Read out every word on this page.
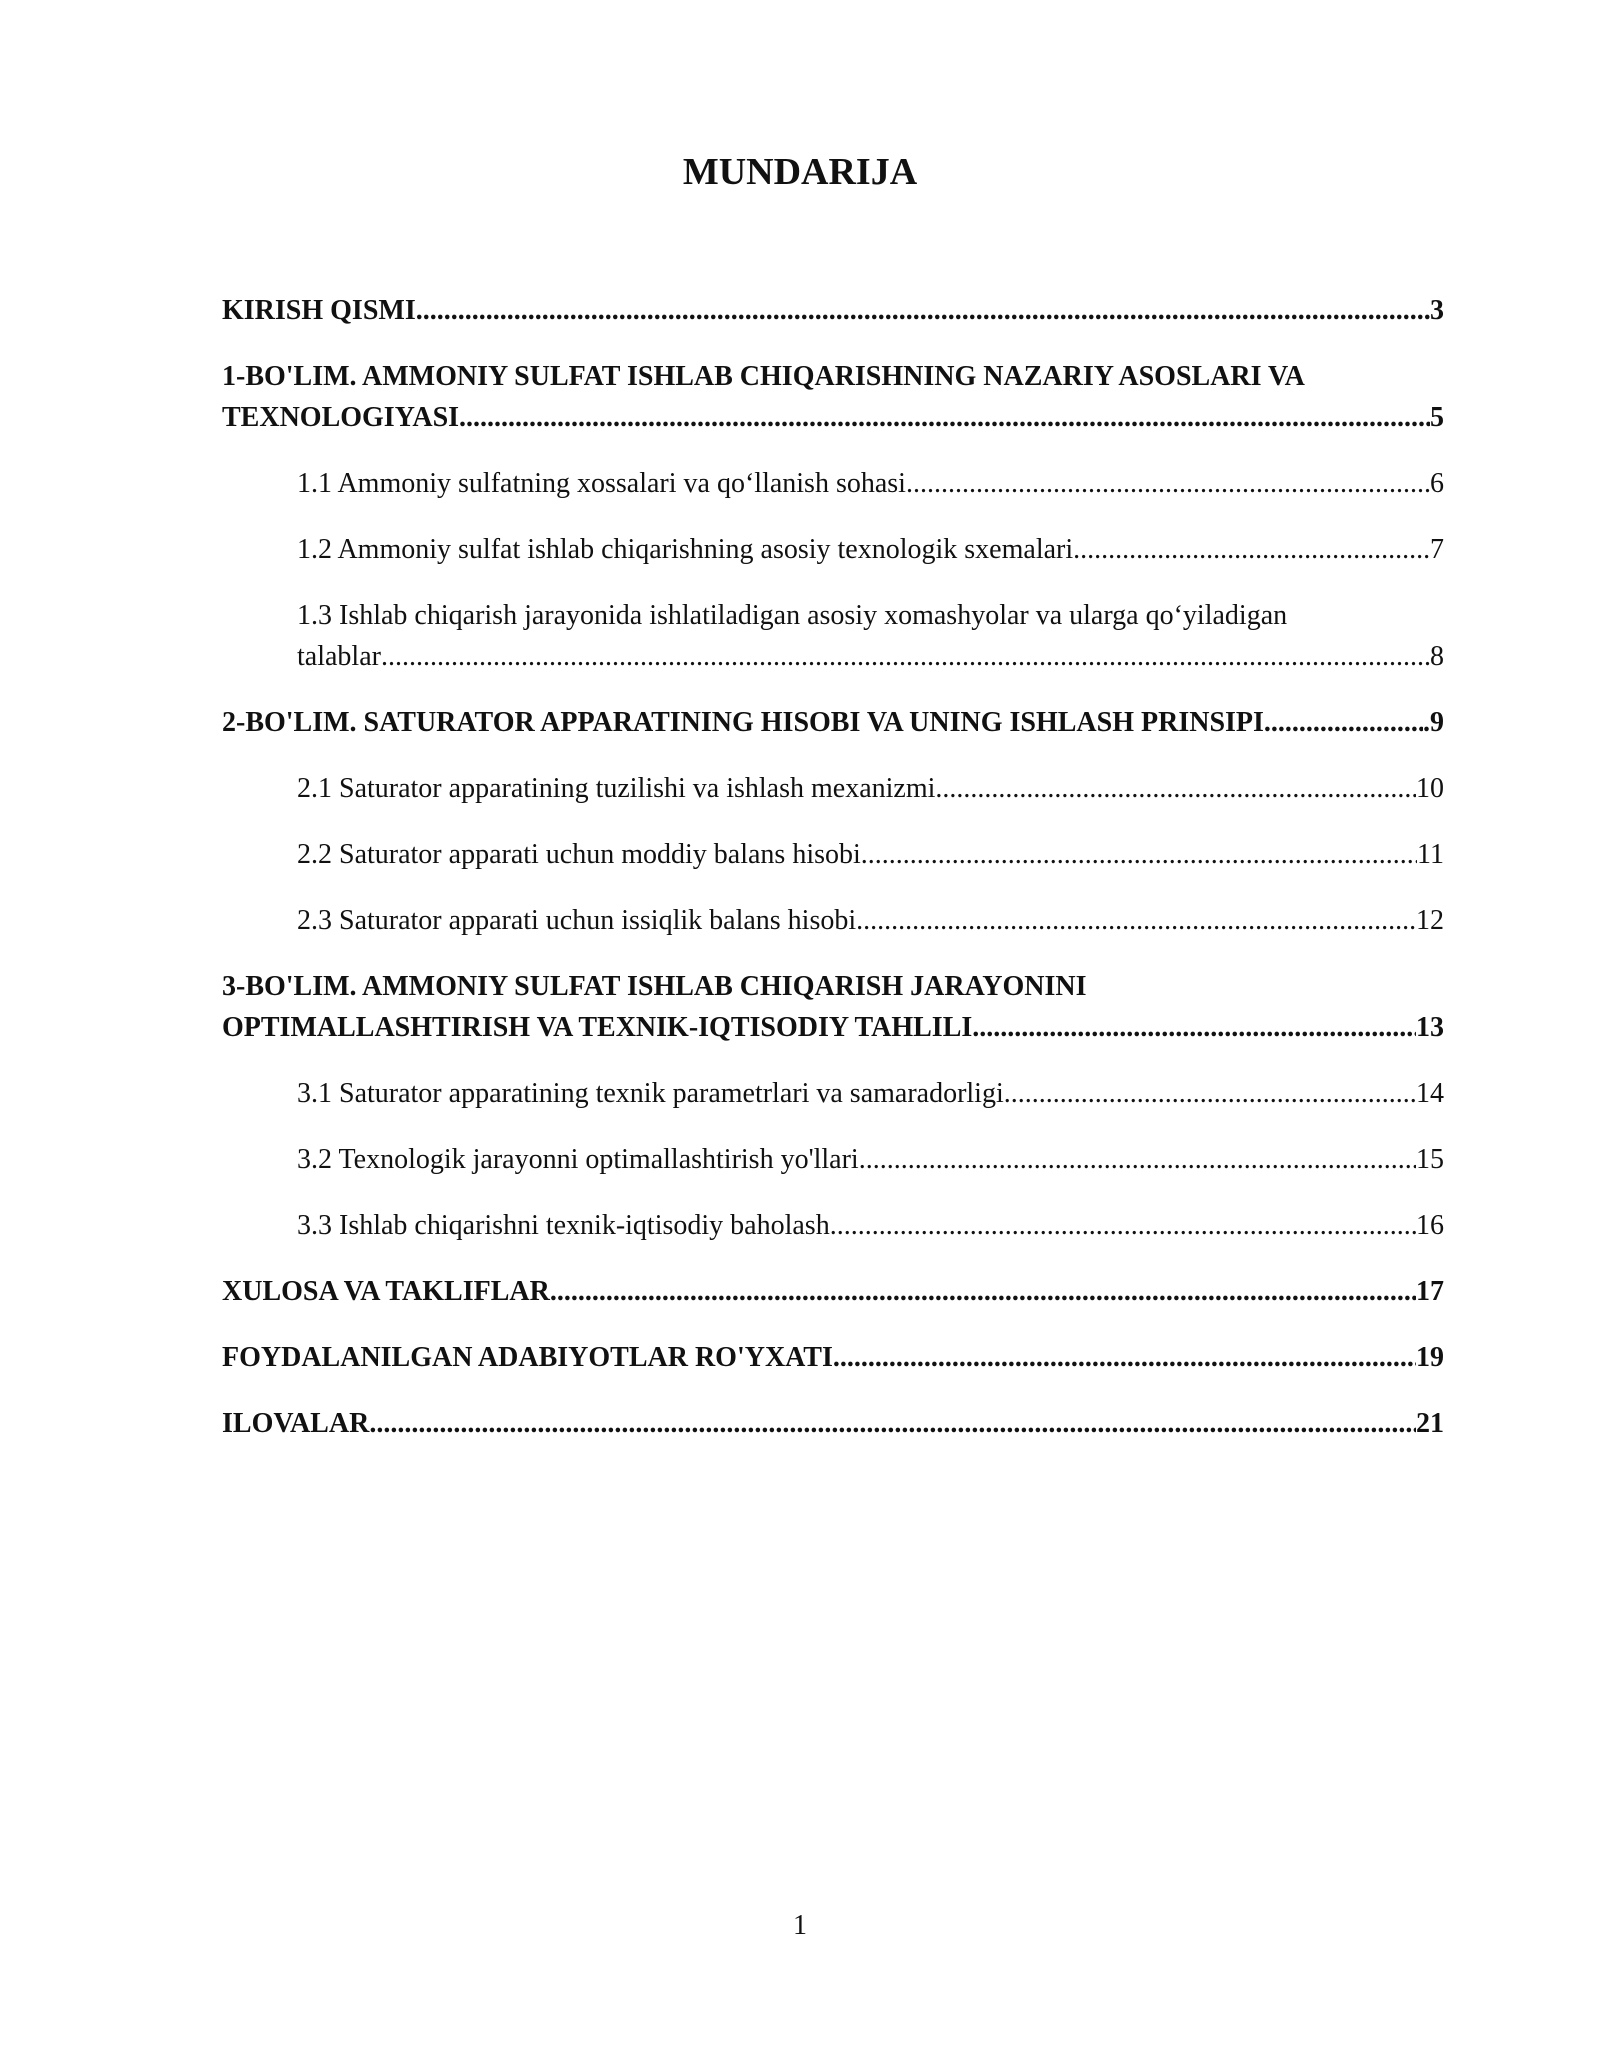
MUNDARIJA
KIRISH QISMI .....	3
1-BO'LIM. AMMONIY SULFAT ISHLAB CHIQARISHNING NAZARIY ASOSLARI VA
TEXNOLOGIYASI .....	5
1.1 Ammoniy sulfatning xossalari va qo‘llanish sohasi .....	6
1.2 Ammoniy sulfat ishlab chiqarishning asosiy texnologik sxemalari .....	7
1.3 Ishlab chiqarish jarayonida ishlatiladigan asosiy xomashyolar va ularga qo‘yiladigan
talablar .....	8
2-BO'LIM. SATURATOR APPARATINING HISOBI VA UNING ISHLASH PRINSIPI. .....	.9
2.1 Saturator apparatining tuzilishi va ishlash mexanizmi .....	10
2.2 Saturator apparati uchun moddiy balans hisobi .....	11
2.3 Saturator apparati uchun issiqlik balans hisobi .....	12
3-BO'LIM. AMMONIY SULFAT ISHLAB CHIQARISH JARAYONINI
OPTIMALLASHTIRISH VA TEXNIK-IQTISODIY TAHLILI .....	13
3.1 Saturator apparatining texnik parametrlari va samaradorligi .....	14
3.2 Texnologik jarayonni optimallashtirish yo'llari .....	15
3.3 Ishlab chiqarishni texnik-iqtisodiy baholash .....	16
XULOSA VA TAKLIFLAR .....	17
FOYDALANILGAN ADABIYOTLAR RO'YXATI .....	19
ILOVALAR .....	21
1
